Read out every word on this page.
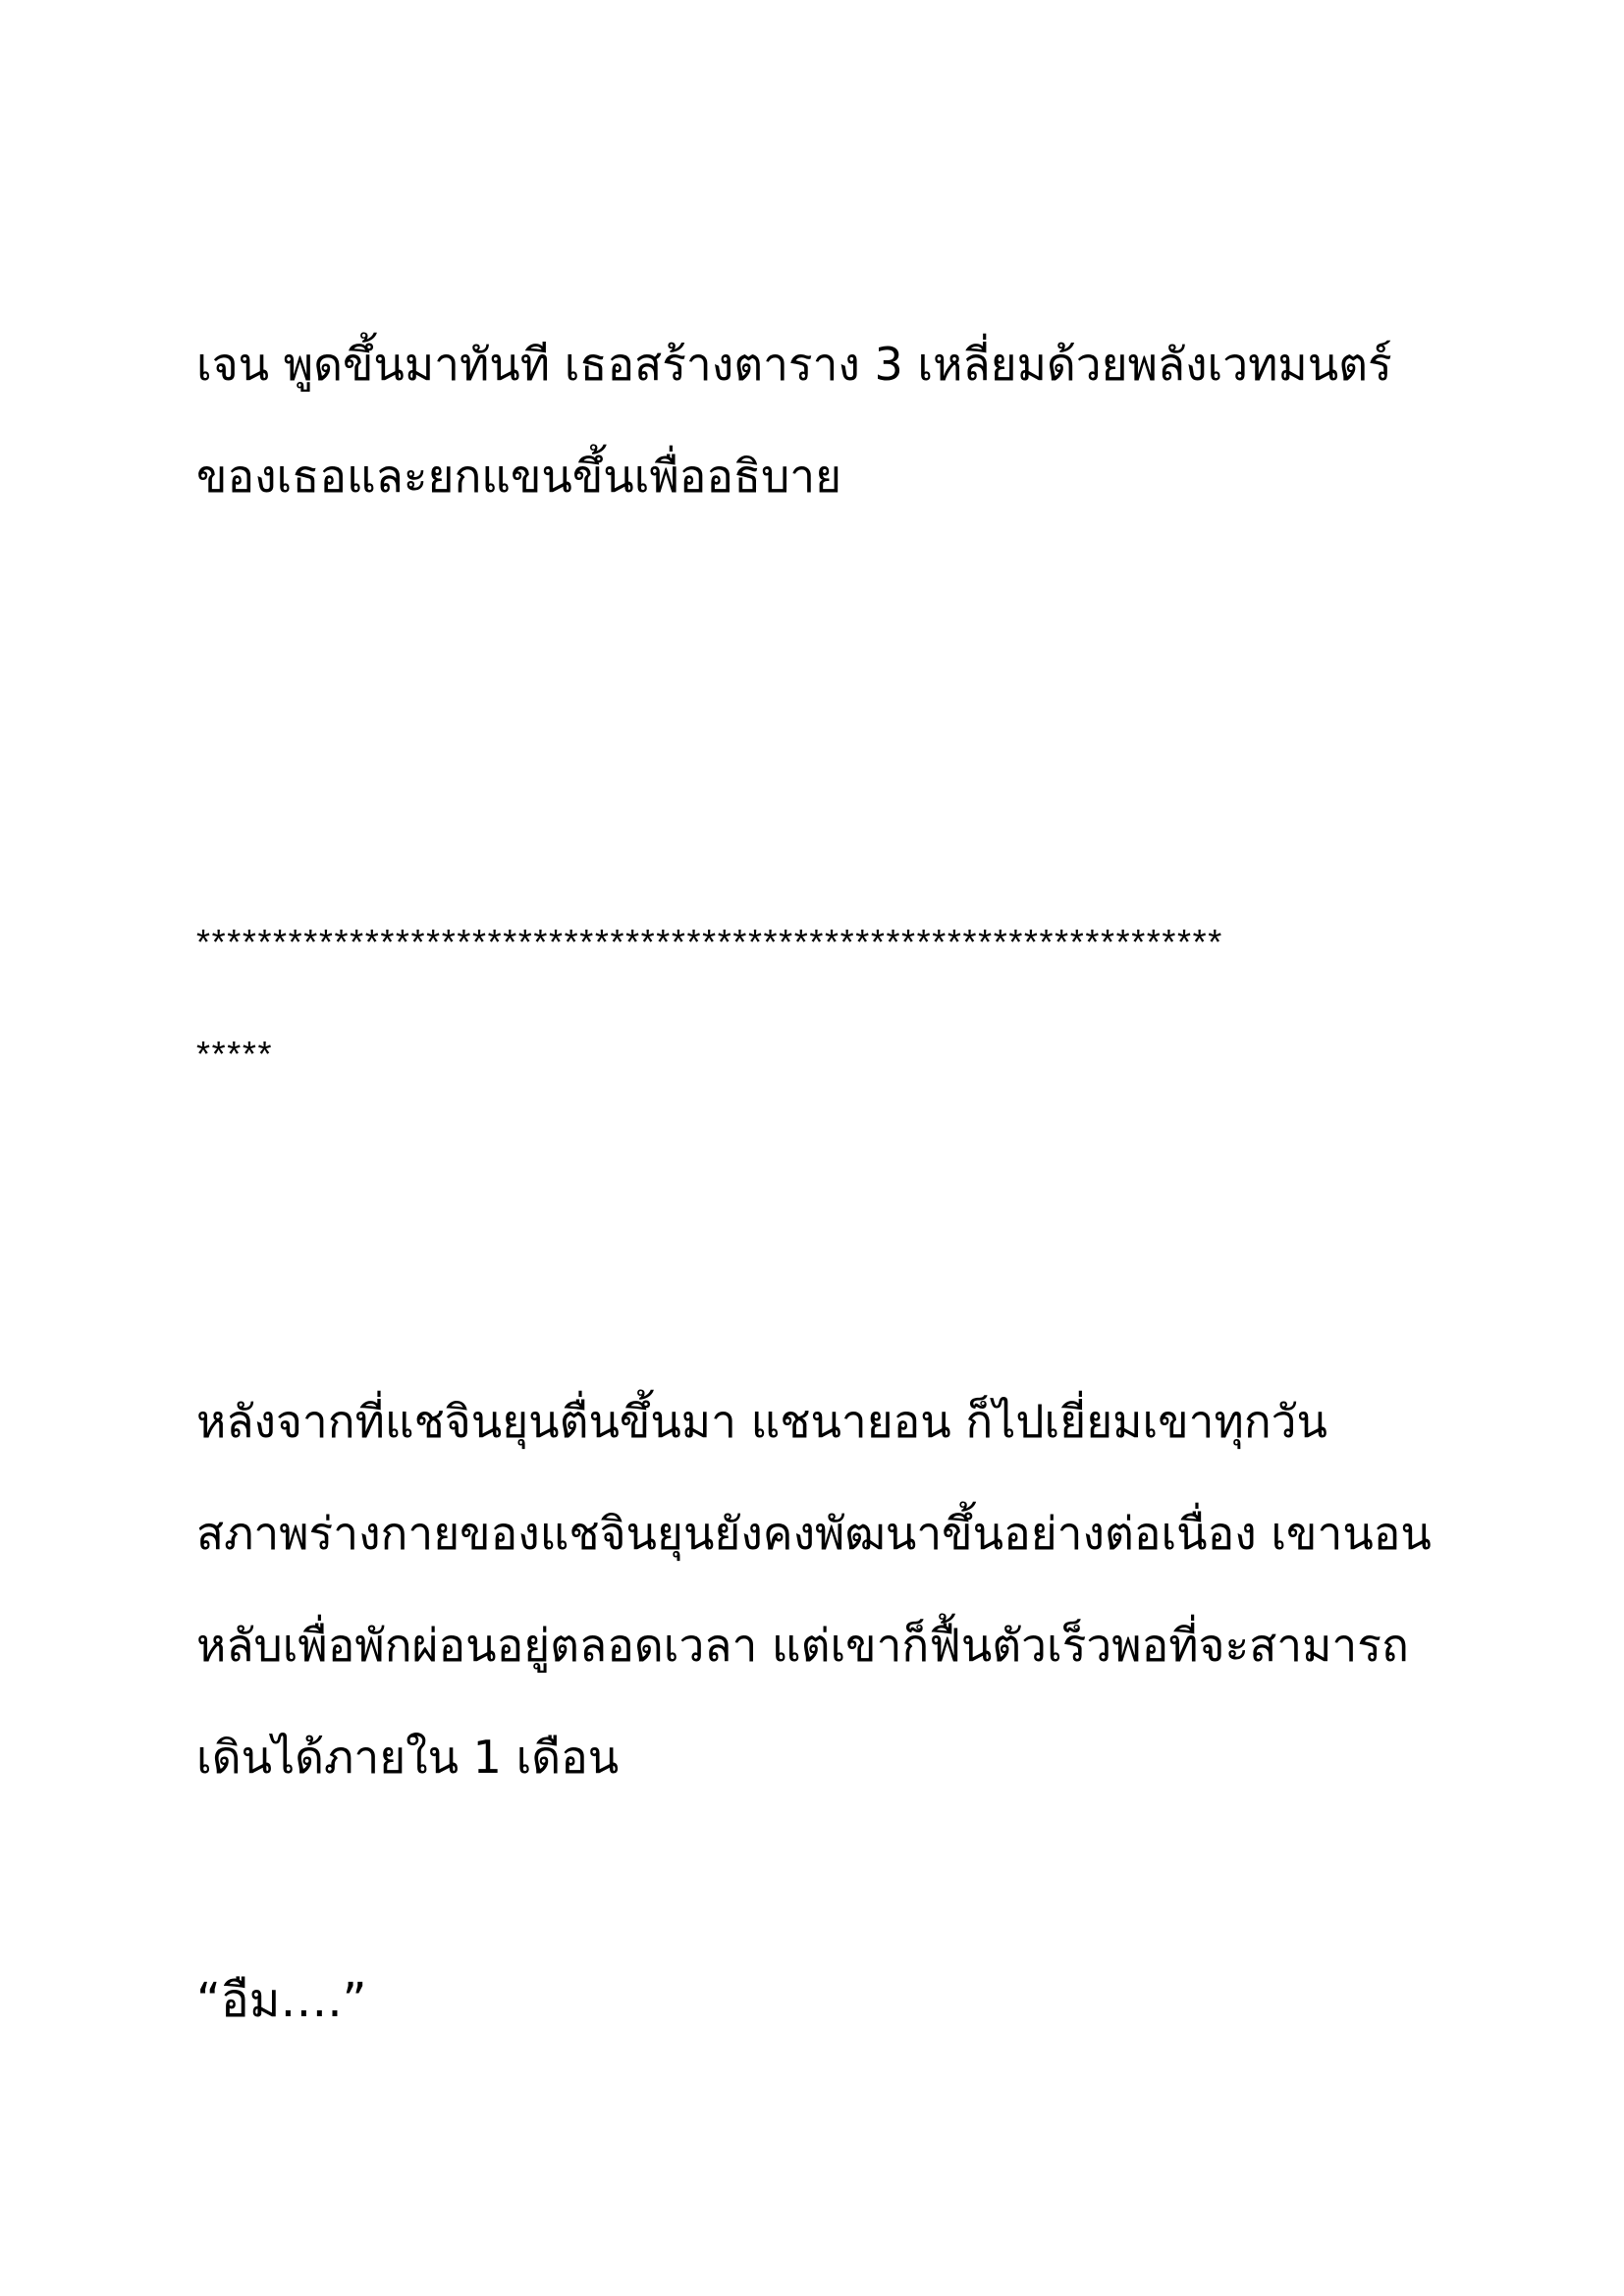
เจน พูดขึ้นมาทันที เธอสร้างตาราง 3 เหลี่ยมด้วยพลังเวทมนตร์
ของเธอและยกแขนขึ้นเพื่ออธิบาย
*******************************************************************
*****
หลังจากที่แชจินยุนตื่นขึ้นมา แชนายอน ก็ไปเยี่ยมเขาทุกวัน
สภาพร่างกายของแชจินยุนยังคงพัฒนาขึ้นอย่างต่อเนื่อง เขานอน
หลับเพื่อพักผ่อนอยู่ตลอดเวลา แต่เขาก็ฟื้นตัวเร็วพอที่จะสามารถ
เดินได้ภายใน 1 เดือน
“อืม….”
